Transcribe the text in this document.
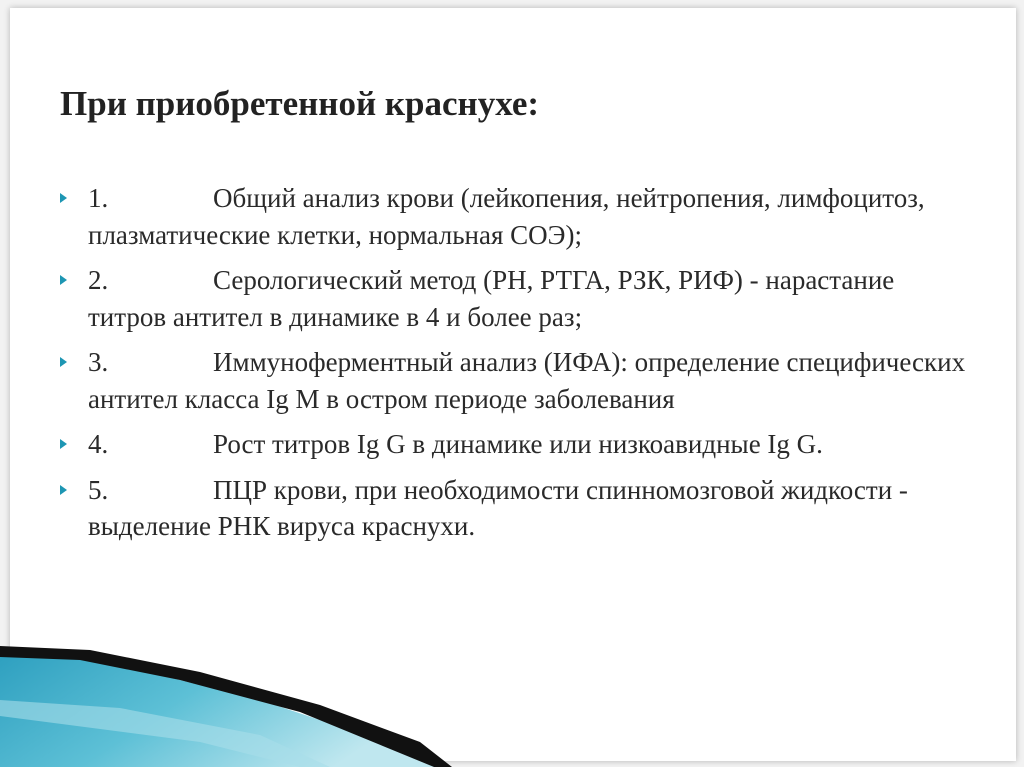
При приобретенной краснухе:
1.	Общий анализ крови (лейкопения, нейтропения, лимфоцитоз, плазматические клетки, нормальная СОЭ);
2.	Серологический метод (РН, РТГА, РЗК, РИФ) - нарастание титров антител в динамике в 4 и более раз;
3.	Иммуноферментный анализ (ИФА): определение специфических антител класса Ig M в остром периоде заболевания
4.	Рост титров Ig G в динамике или низкоавидные Ig G.
5.	ПЦР крови, при необходимости спинномозговой жидкости - выделение РНК вируса краснухи.
